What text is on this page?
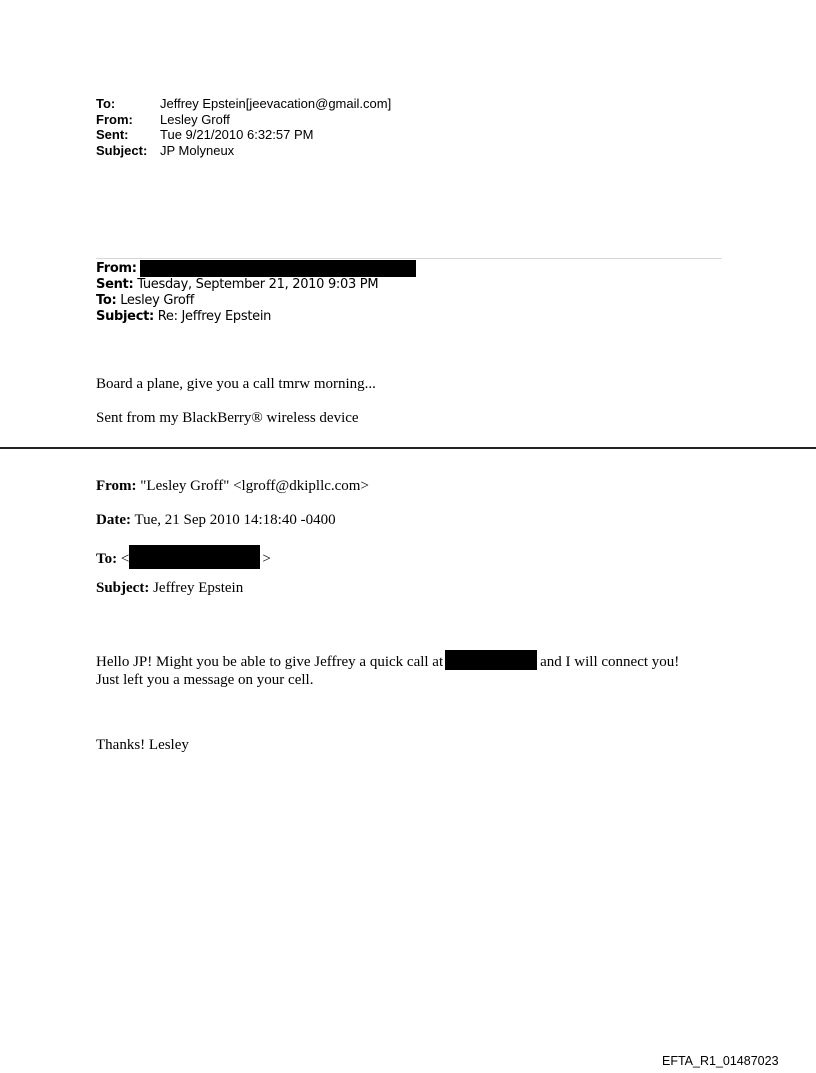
To:	Jeffrey Epstein[jeevacation@gmail.com]
From:	Lesley Groff
Sent:	Tue 9/21/2010 6:32:57 PM
Subject: JP Molyneux
From:
Sent: Tuesday, September 21, 2010 9:03 PM
To: Lesley Groff
Subject: Re: Jeffrey Epstein
Board a plane, give you a call tmrw morning...
Sent from my BlackBerry® wireless device
From: "Lesley Groff" <lgroff@dkipllc.com>
Date: Tue, 21 Sep 2010 14:18:40 -0400
To: <	>
Subject: Jeffrey Epstein
Hello JP! Might you be able to give Jeffrey a quick call at	and I will connect you!
Just left you a message on your cell.
Thanks! Lesley
EFTA_R1_01487023
